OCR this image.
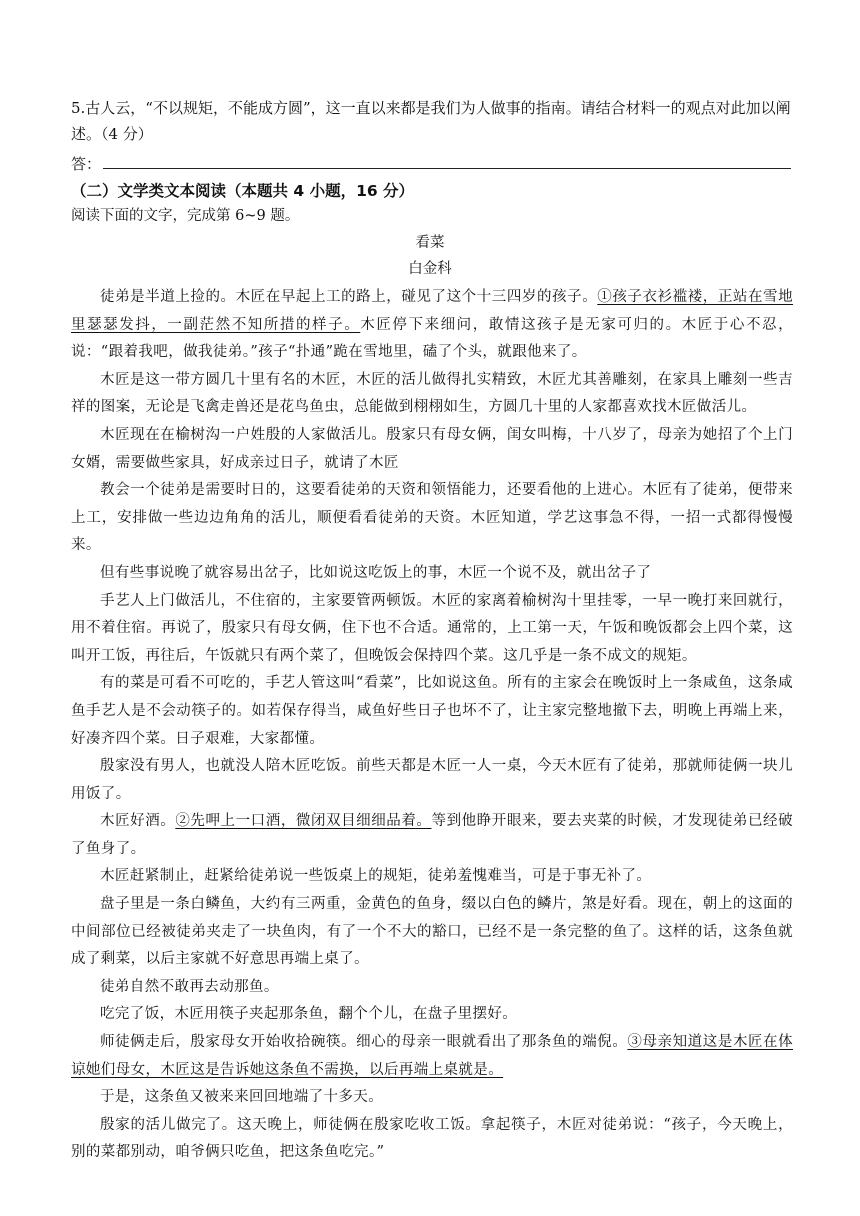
5.古人云，“不以规矩，不能成方圆”，这一直以来都是我们为人做事的指南。请结合材料一的观点对此加以阐述。（4 分）
答：
（二）文学类文本阅读（本题共 4 小题，16 分）
阅读下面的文字，完成第 6~9 题。
看菜
白金科

徒弟是半道上捡的。木匠在早起上工的路上，碰见了这个十三四岁的孩子。①孩子衣衫褴褛，正站在雪地里瑟瑟发抖，一副茫然不知所措的样子。木匠停下来细问，敢情这孩子是无家可归的。木匠于心不忍，说：“跟着我吧，做我徒弟。”孩子“扑通”跪在雪地里，磕了个头，就跟他来了。

木匠是这一带方圆几十里有名的木匠，木匠的活儿做得扎实精致，木匠尤其善雕刻，在家具上雕刻一些吉祥的图案，无论是飞禽走兽还是花鸟鱼虫，总能做到栩栩如生，方圆几十里的人家都喜欢找木匠做活儿。

木匠现在在榆树沟一户姓殷的人家做活儿。殷家只有母女俩，闺女叫梅，十八岁了，母亲为她招了个上门女婿，需要做些家具，好成亲过日子，就请了木匠

教会一个徒弟是需要时日的，这要看徒弟的天资和领悟能力，还要看他的上进心。木匠有了徒弟，便带来上工，安排做一些边边角角的活儿，顺便看看徒弟的天资。木匠知道，学艺这事急不得，一招一式都得慢慢来。

但有些事说晚了就容易出岔子，比如说这吃饭上的事，木匠一个说不及，就出岔子了

手艺人上门做活儿，不住宿的，主家要管两顿饭。木匠的家离着榆树沟十里挂零，一早一晚打来回就行，用不着住宿。再说了，殷家只有母女俩，住下也不合适。通常的，上工第一天，午饭和晚饭都会上四个菜，这叫开工饭，再往后，午饭就只有两个菜了，但晚饭会保持四个菜。这几乎是一条不成文的规矩。

有的菜是可看不可吃的，手艺人管这叫“看菜”，比如说这鱼。所有的主家会在晚饭时上一条咸鱼，这条咸鱼手艺人是不会动筷子的。如若保存得当，咸鱼好些日子也坏不了，让主家完整地撤下去，明晚上再端上来，好凑齐四个菜。日子艰难，大家都懂。

殷家没有男人，也就没人陪木匠吃饭。前些天都是木匠一人一桌，今天木匠有了徒弟，那就师徒俩一块儿用饭了。

木匠好酒。②先呷上一口酒，微闭双目细细品着。等到他睁开眼来，要去夹菜的时候，才发现徒弟已经破了鱼身了。

木匠赶紧制止，赶紧给徒弟说一些饭桌上的规矩，徒弟羞愧难当，可是于事无补了。

盘子里是一条白鳞鱼，大约有三两重，金黄色的鱼身，缀以白色的鳞片，煞是好看。现在，朝上的这面的中间部位已经被徒弟夹走了一块鱼肉，有了一个不大的豁口，已经不是一条完整的鱼了。这样的话，这条鱼就成了剩菜，以后主家就不好意思再端上桌了。

徒弟自然不敢再去动那鱼。

吃完了饭，木匠用筷子夹起那条鱼，翻个个儿，在盘子里摆好。

师徒俩走后，殷家母女开始收拾碗筷。细心的母亲一眼就看出了那条鱼的端倪。③母亲知道这是木匠在体谅她们母女，木匠这是告诉她这条鱼不需换，以后再端上桌就是。

于是，这条鱼又被来来回回地端了十多天。

殷家的活儿做完了。这天晚上，师徒俩在殷家吃收工饭。拿起筷子，木匠对徒弟说：“孩子，今天晚上，别的菜都别动，咱爷俩只吃鱼，把这条鱼吃完。”
